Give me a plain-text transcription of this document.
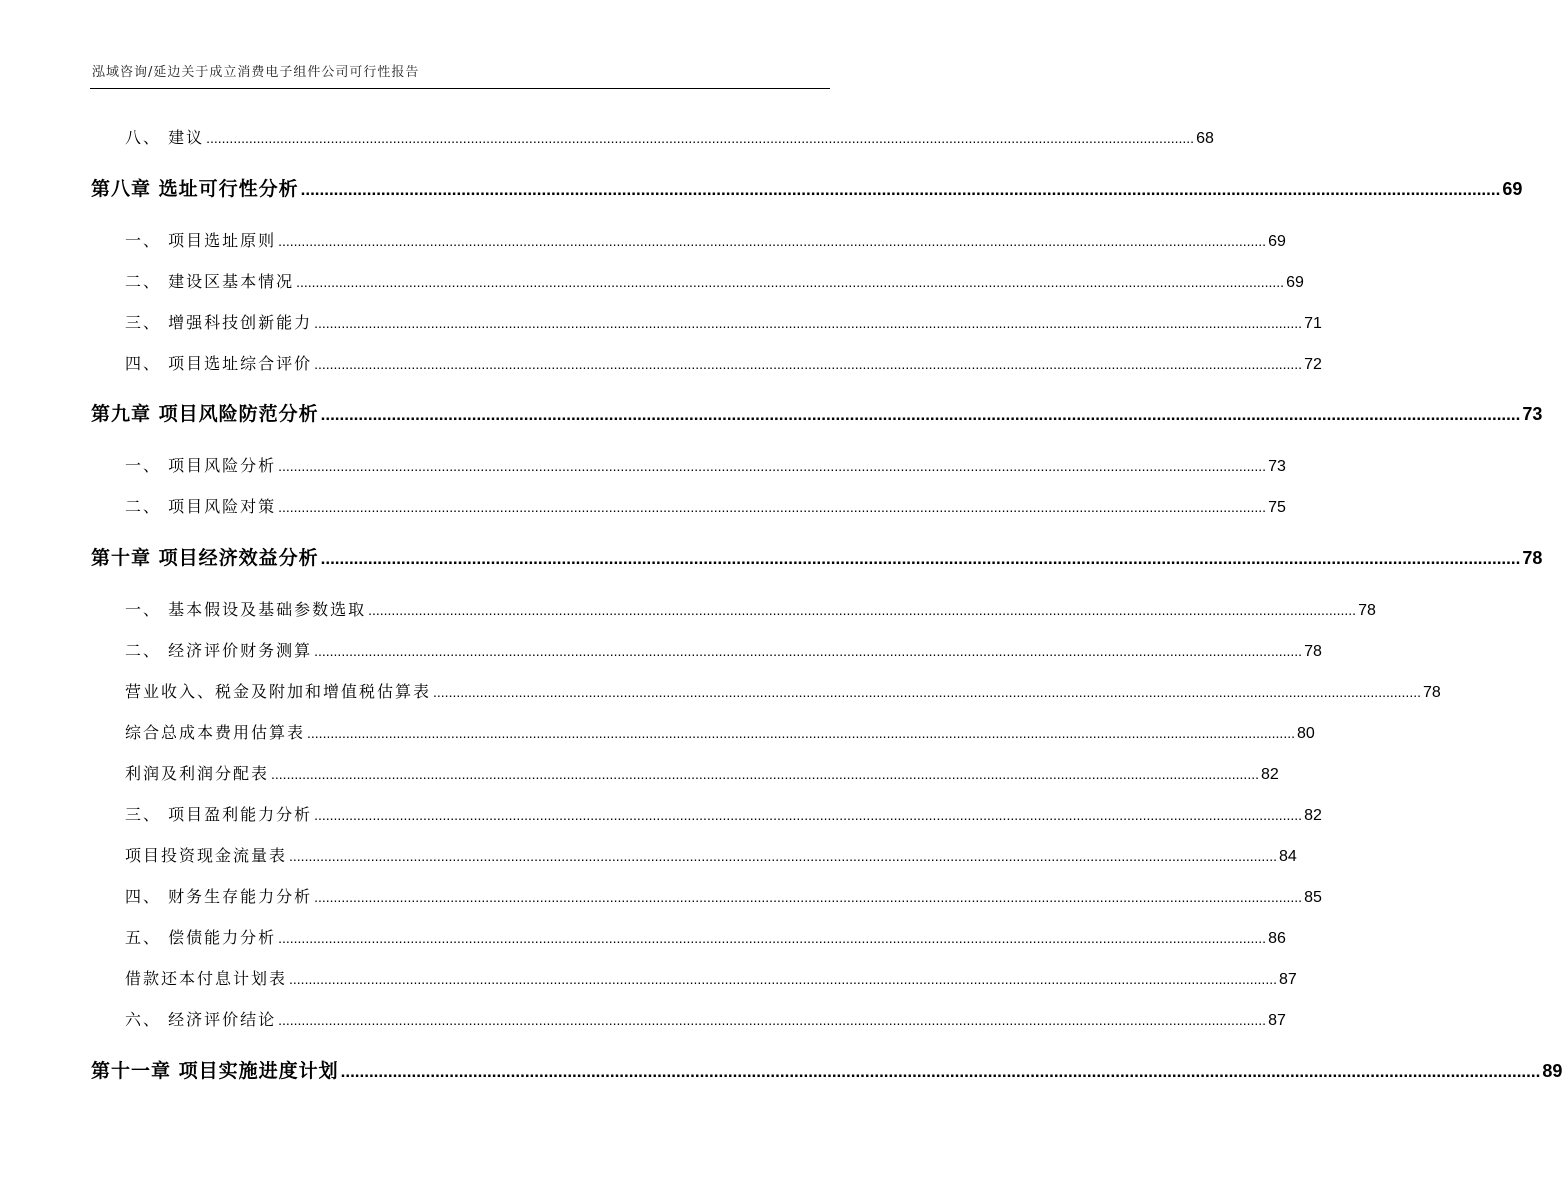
泓域咨询/延边关于成立消费电子组件公司可行性报告
八、 建议 .............................................................................................................................................................................................................................................................. 68
第八章 选址可行性分析 .............................................................................................................................................................................................................................................................. 69
一、 项目选址原则 .............................................................................................................................................................................................................................................................. 69
二、 建设区基本情况 .............................................................................................................................................................................................................................................................. 69
三、 增强科技创新能力 .............................................................................................................................................................................................................................................................. 71
四、 项目选址综合评价 .............................................................................................................................................................................................................................................................. 72
第九章 项目风险防范分析 .............................................................................................................................................................................................................................................................. 73
一、 项目风险分析 .............................................................................................................................................................................................................................................................. 73
二、 项目风险对策 .............................................................................................................................................................................................................................................................. 75
第十章 项目经济效益分析 .............................................................................................................................................................................................................................................................. 78
一、 基本假设及基础参数选取 .............................................................................................................................................................................................................................................................. 78
二、 经济评价财务测算 .............................................................................................................................................................................................................................................................. 78
营业收入、税金及附加和增值税估算表 .............................................................................................................................................................................................................................................................. 78
综合总成本费用估算表 .............................................................................................................................................................................................................................................................. 80
利润及利润分配表 .............................................................................................................................................................................................................................................................. 82
三、 项目盈利能力分析 .............................................................................................................................................................................................................................................................. 82
项目投资现金流量表 .............................................................................................................................................................................................................................................................. 84
四、 财务生存能力分析 .............................................................................................................................................................................................................................................................. 85
五、 偿债能力分析 .............................................................................................................................................................................................................................................................. 86
借款还本付息计划表 .............................................................................................................................................................................................................................................................. 87
六、 经济评价结论 .............................................................................................................................................................................................................................................................. 87
第十一章 项目实施进度计划 .............................................................................................................................................................................................................................................................. 89
